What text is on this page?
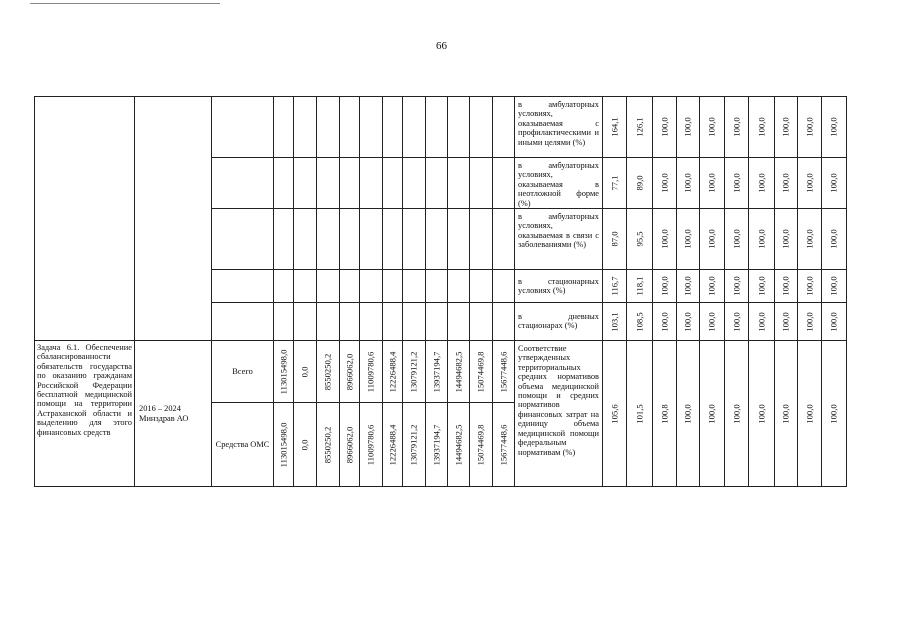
66
														в амбулаторных условиях, оказываемая с профилактическими и иными целями (%)	164,1	126,1	100,0	100,0	100,0	100,0	100,0	100,0	100,0	100,0

														в амбулаторных условиях, оказываемая в неотложной форме (%)	77,1	89,0	100,0	100,0	100,0	100,0	100,0	100,0	100,0	100,0

														в амбулаторных условиях, оказываемая в связи с заболеваниями (%)	87,0	95,5	100,0	100,0	100,0	100,0	100,0	100,0	100,0	100,0

														в стационарных условиях (%)	116,7	118,1	100,0	100,0	100,0	100,0	100,0	100,0	100,0	100,0

														в дневных стационарах (%)	103,1	108,5	100,0	100,0	100,0	100,0	100,0	100,0	100,0	100,0

Задача 6.1. Обеспечение сбалансированности обязательств государства по оказанию гражданам Российской Федерации бесплатной медицинской помощи на территории Астраханской области и выделению для этого финансовых средств	2016 – 2024 Минздрав АО	Всего	113015498,0	0,0	8550250,2	8966062,0	11009780,6	12226488,4	13079121,2	13937194,7	14494682,5	15074469,8	15677448,6	Соответствие утвержденных территориальных средних нормативов объема медицинской помощи и средних нормативов финансовых затрат на единицу объема медицинской помощи федеральным нормативам (%)	105,6	101,5	100,8	100,0	100,0	100,0	100,0	100,0	100,0	100,0

		Средства ОМС	113015498,0	0,0	8550250,2	8966062,0	11009780,6	12226488,4	13079121,2	13937194,7	14494682,5	15074469,8	15677448,6											
